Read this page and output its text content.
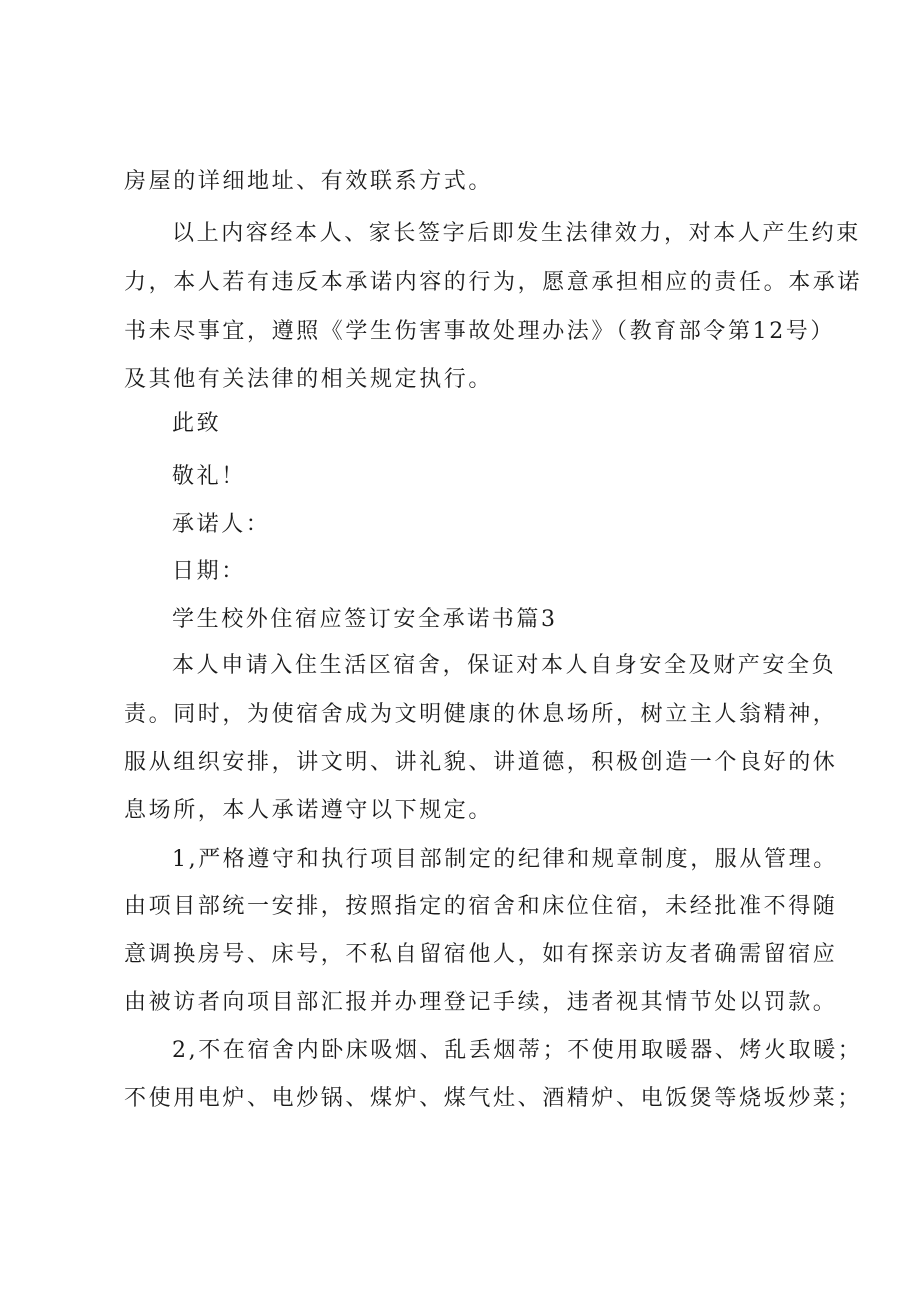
房屋的详细地址、有效联系方式。
以上内容经本人、家长签字后即发生法律效力，对本人产生约束
力，本人若有违反本承诺内容的行为，愿意承担相应的责任。本承诺
书未尽事宜，遵照《学生伤害事故处理办法》（教育部令第12号）
及其他有关法律的相关规定执行。
此致
敬礼！
承诺人：
日期：
学生校外住宿应签订安全承诺书篇3
本人申请入住生活区宿舍，保证对本人自身安全及财产安全负
责。同时，为使宿舍成为文明健康的休息场所，树立主人翁精神，
服从组织安排，讲文明、讲礼貌、讲道德，积极创造一个良好的休
息场所，本人承诺遵守以下规定。
1,严格遵守和执行项目部制定的纪律和规章制度，服从管理。
由项目部统一安排，按照指定的宿舍和床位住宿，未经批准不得随
意调换房号、床号，不私自留宿他人，如有探亲访友者确需留宿应
由被访者向项目部汇报并办理登记手续，违者视其情节处以罚款。
2,不在宿舍内卧床吸烟、乱丢烟蒂；不使用取暖器、烤火取暖；
不使用电炉、电炒锅、煤炉、煤气灶、酒精炉、电饭煲等烧坂炒菜；
